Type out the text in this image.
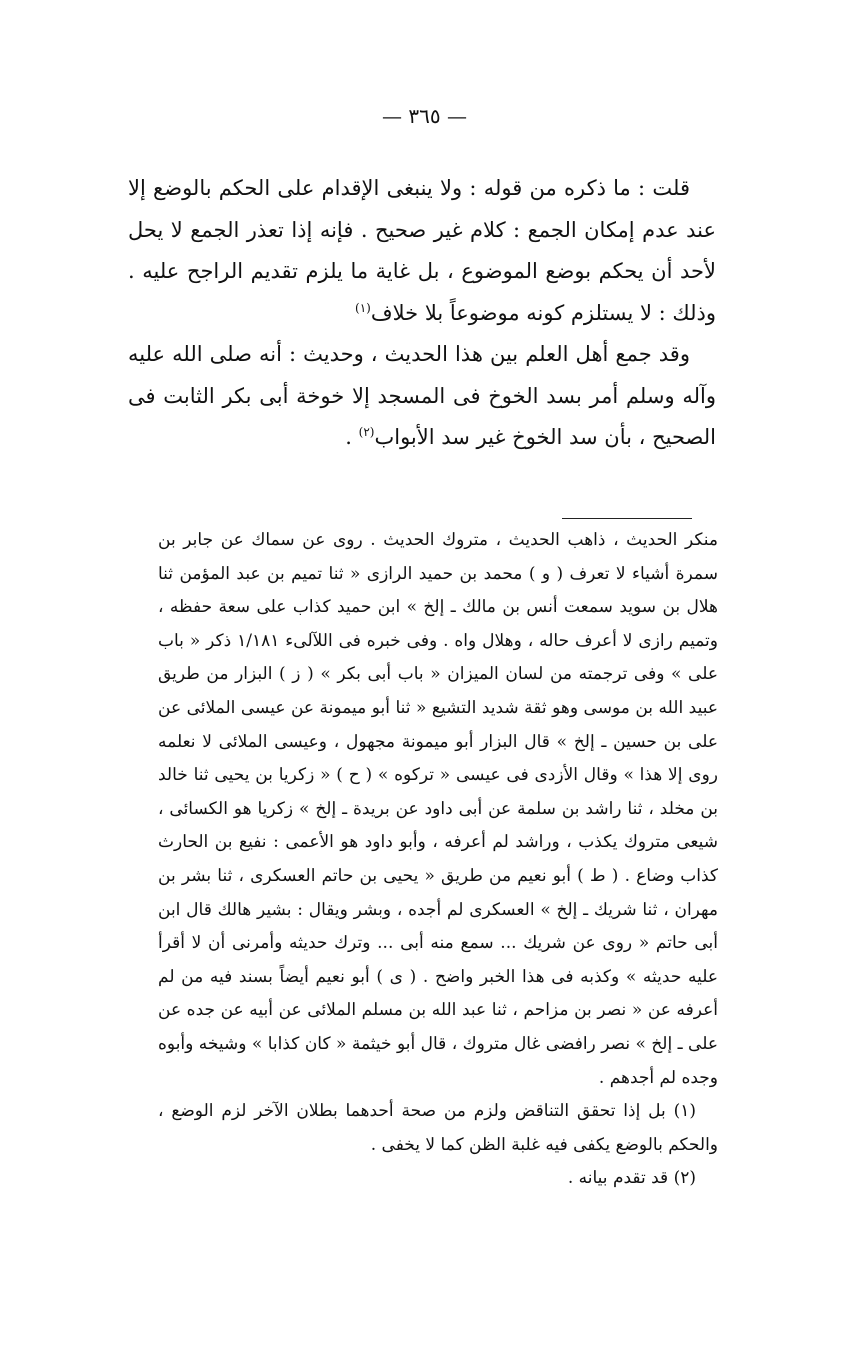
— ٣٦٥ —

قلت : ما ذكره من قوله : ولا ينبغى الإقدام على الحكم بالوضع إلا عند عدم إمكان الجمع : كلام غير صحيح . فإنه إذا تعذر الجمع لا يحل لأحد أن يحكم بوضع الموضوع ، بل غاية ما يلزم تقديم الراجح عليه . وذلك : لا يستلزم كونه موضوعاً بلا خلاف$^{(١)}$

وقد جمع أهل العلم بين هذا الحديث ، وحديث : أنه صلى الله عليه وآله وسلم أمر بسد الخوخ فى المسجد إلا خوخة أبى بكر الثابت فى الصحيح ، بأن سد الخوخ غير سد الأبواب$^{(٢)}$ .

منكر الحديث ، ذاهب الحديث ، متروك الحديث . روى عن سماك عن جابر بن سمرة أشياء لا تعرف ( و ) محمد بن حميد الرازى « ثنا تميم بن عبد المؤمن ثنا هلال بن سويد سمعت أنس بن مالك ـ إلخ » ابن حميد كذاب على سعة حفظه ، وتميم رازى لا أعرف حاله ، وهلال واه . وفى خبره فى اللآلىء ١/١٨١ ذكر « باب على » وفى ترجمته من لسان الميزان « باب أبى بكر » ( ز ) البزار من طريق عبيد الله بن موسى وهو ثقة شديد التشيع « ثنا أبو ميمونة عن عيسى الملائى عن على بن حسين ـ إلخ » قال البزار أبو ميمونة مجهول ، وعيسى الملائى لا نعلمه روى إلا هذا » وقال الأزدى فى عيسى « تركوه » ( ح ) « زكريا بن يحيى ثنا خالد بن مخلد ، ثنا راشد بن سلمة عن أبى داود عن بريدة ـ إلخ » زكريا هو الكسائى ، شيعى متروك يكذب ، وراشد لم أعرفه ، وأبو داود هو الأعمى : نفيع بن الحارث كذاب وضاع . ( ط ) أبو نعيم من طريق « يحيى بن حاتم العسكرى ، ثنا بشر بن مهران ، ثنا شريك ـ إلخ » العسكرى لم أجده ، وبشر ويقال : بشير هالك قال ابن أبى حاتم « روى عن شريك ... سمع منه أبى ... وترك حديثه وأمرنى أن لا أقرأ عليه حديثه » وكذبه فى هذا الخبر واضح . ( ى ) أبو نعيم أيضاً بسند فيه من لم أعرفه عن « نصر بن مزاحم ، ثنا عبد الله بن مسلم الملائى عن أبيه عن جده عن على ـ إلخ » نصر رافضى غال متروك ، قال أبو خيثمة « كان كذابا » وشيخه وأبوه وجده لم أجدهم .

(١) بل إذا تحقق التناقض ولزم من صحة أحدهما بطلان الآخر لزم الوضع ، والحكم بالوضع يكفى فيه غلبة الظن كما لا يخفى .

(٢) قد تقدم بيانه .
